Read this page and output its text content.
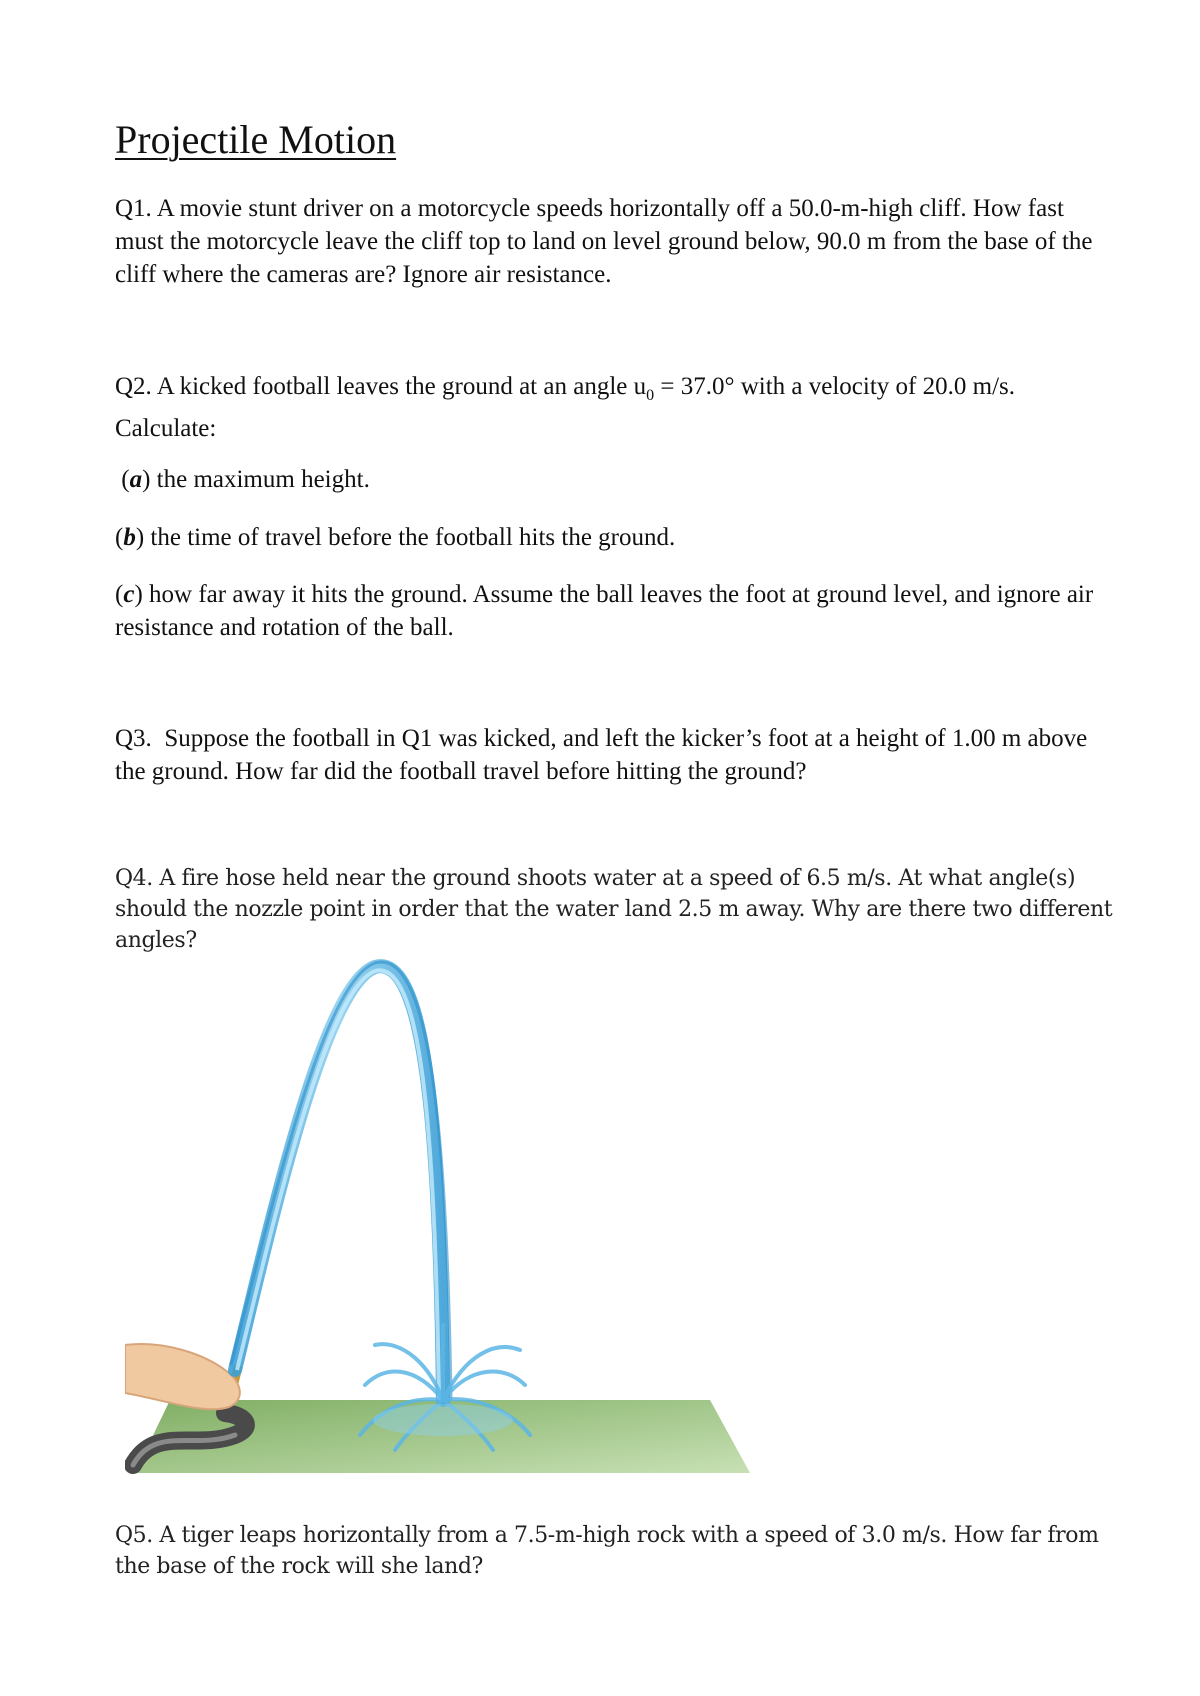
Projectile Motion

Q1. A movie stunt driver on a motorcycle speeds horizontally off a 50.0-m-high cliff. How fast must the motorcycle leave the cliff top to land on level ground below, 90.0 m from the base of the cliff where the cameras are? Ignore air resistance.

Q2. A kicked football leaves the ground at an angle $u_0 = 37.0^\circ$ with a velocity of 20.0 m/s. Calculate:

(a) the maximum height.

(b) the time of travel before the football hits the ground.

(c) how far away it hits the ground. Assume the ball leaves the foot at ground level, and ignore air resistance and rotation of the ball.

Q3. Suppose the football in Q1 was kicked, and left the kicker’s foot at a height of 1.00 m above the ground. How far did the football travel before hitting the ground?

Q4. A fire hose held near the ground shoots water at a speed of 6.5 m/s. At what angle(s) should the nozzle point in order that the water land 2.5 m away. Why are there two different angles?

Q5. A tiger leaps horizontally from a 7.5-m-high rock with a speed of 3.0 m/s. How far from the base of the rock will she land?
